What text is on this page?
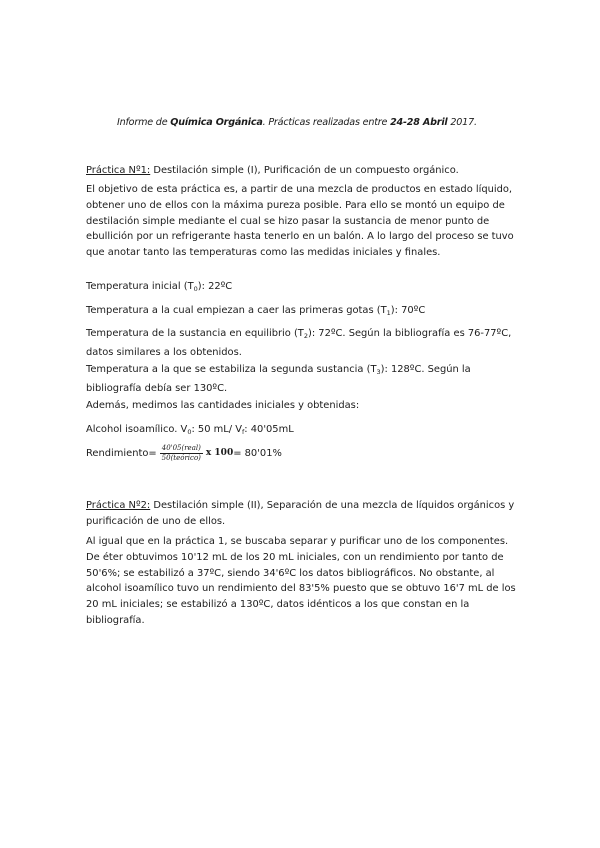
Informe de Química Orgánica. Prácticas realizadas entre 24-28 Abril 2017.
Práctica Nº1: Destilación simple (I), Purificación de un compuesto orgánico.
El objetivo de esta práctica es, a partir de una mezcla de productos en estado líquido, obtener uno de ellos con la máxima pureza posible. Para ello se montó un equipo de destilación simple mediante el cual se hizo pasar la sustancia de menor punto de ebullición por un refrigerante hasta tenerlo en un balón. A lo largo del proceso se tuvo que anotar tanto las temperaturas como las medidas iniciales y finales.
Temperatura inicial $(T_0)$: 22ºC
Temperatura a la cual empiezan a caer las primeras gotas $(T_1)$: 70ºC
Temperatura de la sustancia en equilibrio $(T_2)$: 72ºC. Según la bibliografía es 76-77ºC, datos similares a los obtenidos.
Temperatura a la que se estabiliza la segunda sustancia $(T_3)$: 128ºC. Según la bibliografía debía ser 130ºC.
Además, medimos las cantidades iniciales y obtenidas:
Alcohol isoamílico. $V_0$: 50 mL/ $V_f$: 40'05mL
Rendimiento= $\frac{\text{40'05(real)}}{\text{50(teórico)}}$ x 100 = 80'01%
Práctica Nº2: Destilación simple (II), Separación de una mezcla de líquidos orgánicos y purificación de uno de ellos.
Al igual que en la práctica 1, se buscaba separar y purificar uno de los componentes. De éter obtuvimos 10'12 mL de los 20 mL iniciales, con un rendimiento por tanto de 50'6%; se estabilizó a 37ºC, siendo 34'6ºC los datos bibliográficos. No obstante, al alcohol isoamílico tuvo un rendimiento del 83'5% puesto que se obtuvo 16'7 mL de los 20 mL iniciales; se estabilizó a 130ºC, datos idénticos a los que constan en la bibliografía.
